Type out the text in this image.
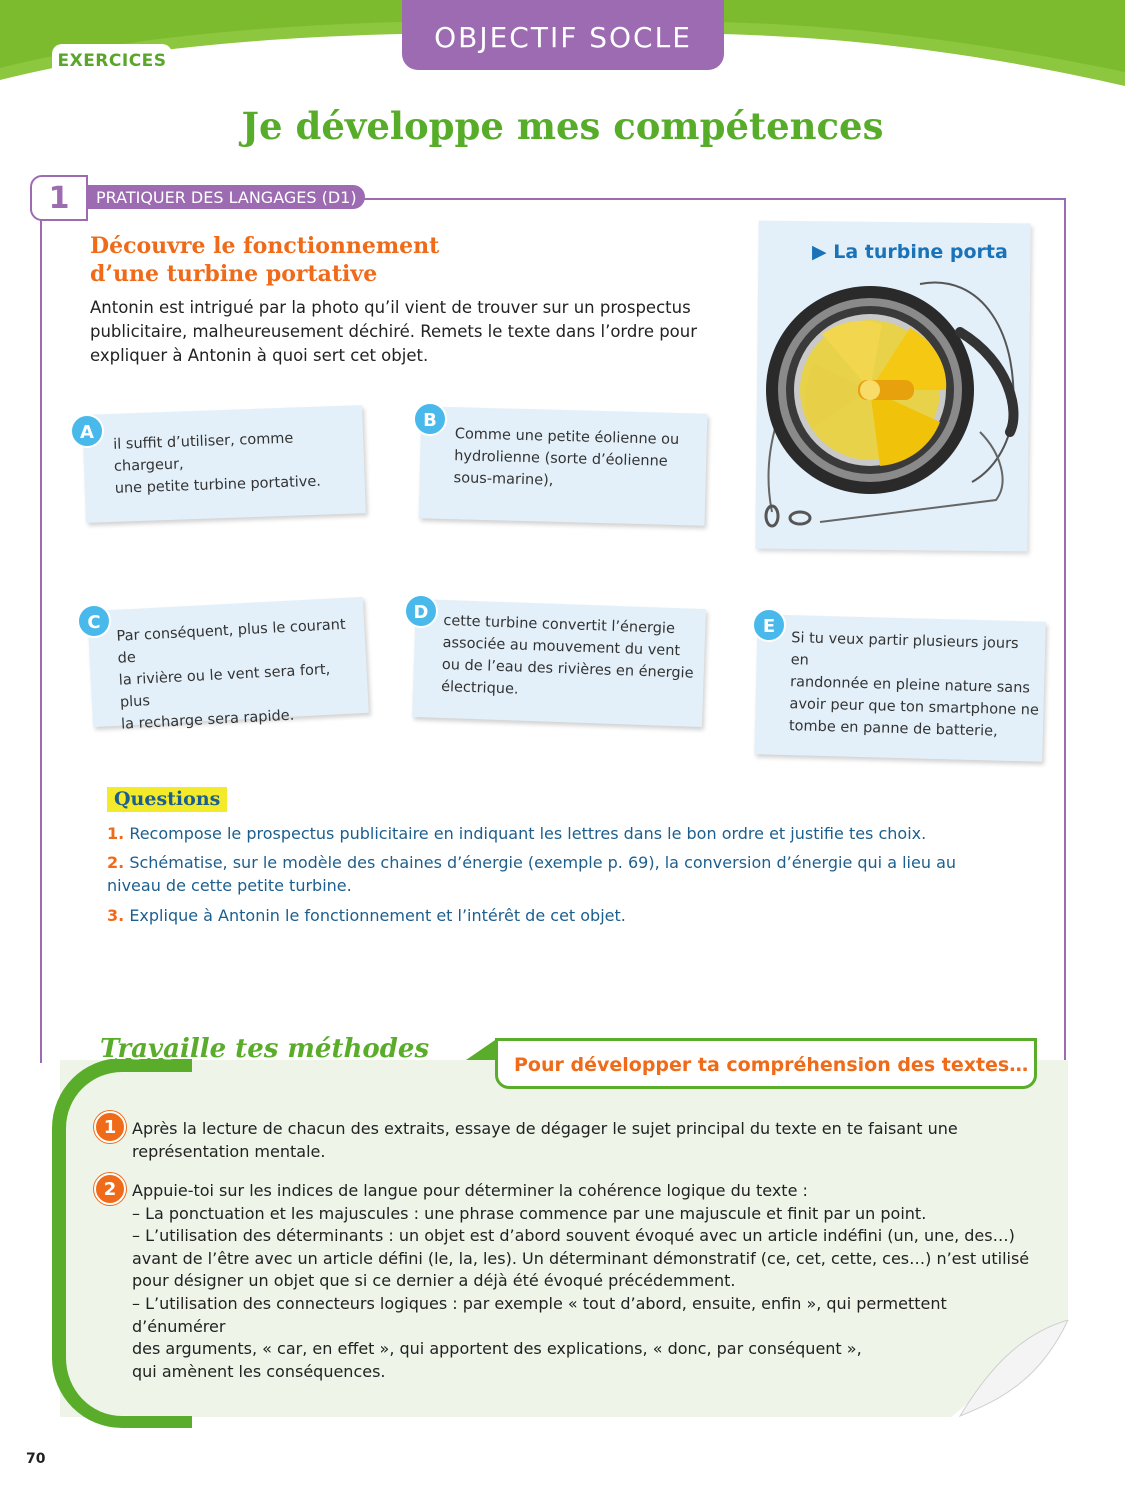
EXERCICES
OBJECTIF SOCLE
Je développe mes compétences
1	PRATIQUER DES LANGAGES (D1)
Découvre le fonctionnement
d’une turbine portative
Antonin est intrigué par la photo qu’il vient de trouver sur un prospectus publicitaire, malheureusement déchiré. Remets le texte dans l’ordre pour expliquer à Antonin à quoi sert cet objet.
il suffit d’utiliser, comme chargeur,
une petite turbine portative.
A	Comme une petite éolienne ou
hydrolienne (sorte d’éolienne
sous-marine),
B
▶ La turbine porta
Par conséquent, plus le courant de
la rivière ou le vent sera fort, plus
la recharge sera rapide.
C	cette turbine convertit l’énergie
associée au mouvement du vent
ou de l’eau des rivières en énergie
électrique.
D
Si tu veux partir plusieurs jours en
randonnée en pleine nature sans
avoir peur que ton smartphone ne
tombe en panne de batterie,
E
Questions
1. Recompose le prospectus publicitaire en indiquant les lettres dans le bon ordre et justifie tes choix.
2. Schématise, sur le modèle des chaines d’énergie (exemple p. 69), la conversion d’énergie qui a lieu au niveau de cette petite turbine.
3. Explique à Antonin le fonctionnement et l’intérêt de cet objet.
Travaille tes méthodes
Pour développer ta compréhension des textes…
1 Après la lecture de chacun des extraits, essaye de dégager le sujet principal du texte en te faisant une
représentation mentale.
2 Appuie-toi sur les indices de langue pour déterminer la cohérence logique du texte :
– La ponctuation et les majuscules : une phrase commence par une majuscule et finit par un point.
– L’utilisation des déterminants : un objet est d’abord souvent évoqué avec un article indéfini (un, une, des…)
avant de l’être avec un article défini (le, la, les). Un déterminant démonstratif (ce, cet, cette, ces…) n’est utilisé
pour désigner un objet que si ce dernier a déjà été évoqué précédemment.
– L’utilisation des connecteurs logiques : par exemple « tout d’abord, ensuite, enfin », qui permettent d’énumérer
des arguments, « car, en effet », qui apportent des explications, « donc, par conséquent »,
qui amènent les conséquences.
70
